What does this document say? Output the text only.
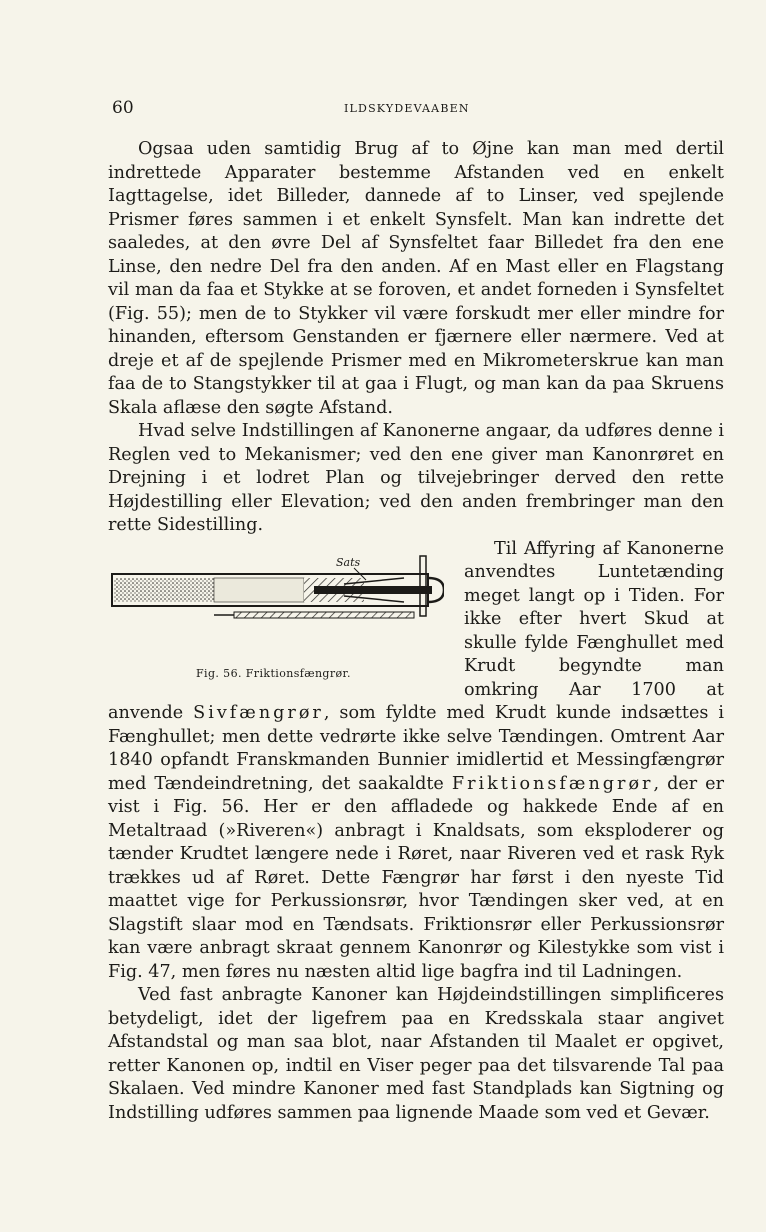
60	ILDSKYDEVAABEN

Ogsaa uden samtidig Brug af to Øjne kan man med dertil indrettede Apparater bestemme Afstanden ved en enkelt Iagttagelse, idet Billeder, dannede af to Linser, ved spejlende Prismer føres sammen i et enkelt Synsfelt. Man kan indrette det saaledes, at den øvre Del af Synsfeltet faar Billedet fra den ene Linse, den nedre Del fra den anden. Af en Mast eller en Flagstang vil man da faa et Stykke at se foroven, et andet forneden i Synsfeltet (Fig. 55); men de to Stykker vil være forskudt mer eller mindre for hinanden, eftersom Genstanden er fjærnere eller nærmere. Ved at dreje et af de spejlende Prismer med en Mikrometerskrue kan man faa de to Stangstykker til at gaa i Flugt, og man kan da paa Skruens Skala aflæse den søgte Afstand.

Hvad selve Indstillingen af Kanonerne angaar, da udføres denne i Reglen ved to Mekanismer; ved den ene giver man Kanonrøret en Drejning i et lodret Plan og tilvejebringer derved den rette Højdestilling eller Elevation; ved den anden frembringer man den rette Sidestilling.

Sats
Fig. 56. Friktionsfængrør.

Til Affyring af Kanonerne anvendtes Luntetænding meget langt op i Tiden. For ikke efter hvert Skud at skulle fylde Fænghullet med Krudt begyndte man omkring Aar 1700 at anvende Sivfængrør, som fyldte med Krudt kunde indsættes i Fænghullet; men dette vedrørte ikke selve Tændingen. Omtrent Aar 1840 opfandt Franskmanden Bunnier imidlertid et Messingfængrør med Tændeindretning, det saakaldte Friktionsfængrør, der er vist i Fig. 56. Her er den affladede og hakkede Ende af en Metaltraad (»Riveren«) anbragt i Knaldsats, som eksploderer og tænder Krudtet længere nede i Røret, naar Riveren ved et rask Ryk trækkes ud af Røret. Dette Fængrør har først i den nyeste Tid maattet vige for Perkussionsrør, hvor Tændingen sker ved, at en Slagstift slaar mod en Tændsats. Friktionsrør eller Perkussionsrør kan være anbragt skraat gennem Kanonrør og Kilestykke som vist i Fig. 47, men føres nu næsten altid lige bagfra ind til Ladningen.

Ved fast anbragte Kanoner kan Højdeindstillingen simplificeres betydeligt, idet der ligefrem paa en Kredsskala staar angivet Afstandstal og man saa blot, naar Afstanden til Maalet er opgivet, retter Kanonen op, indtil en Viser peger paa det tilsvarende Tal paa Skalaen. Ved mindre Kanoner med fast Standplads kan Sigtning og Indstilling udføres sammen paa lignende Maade som ved et Gevær.
